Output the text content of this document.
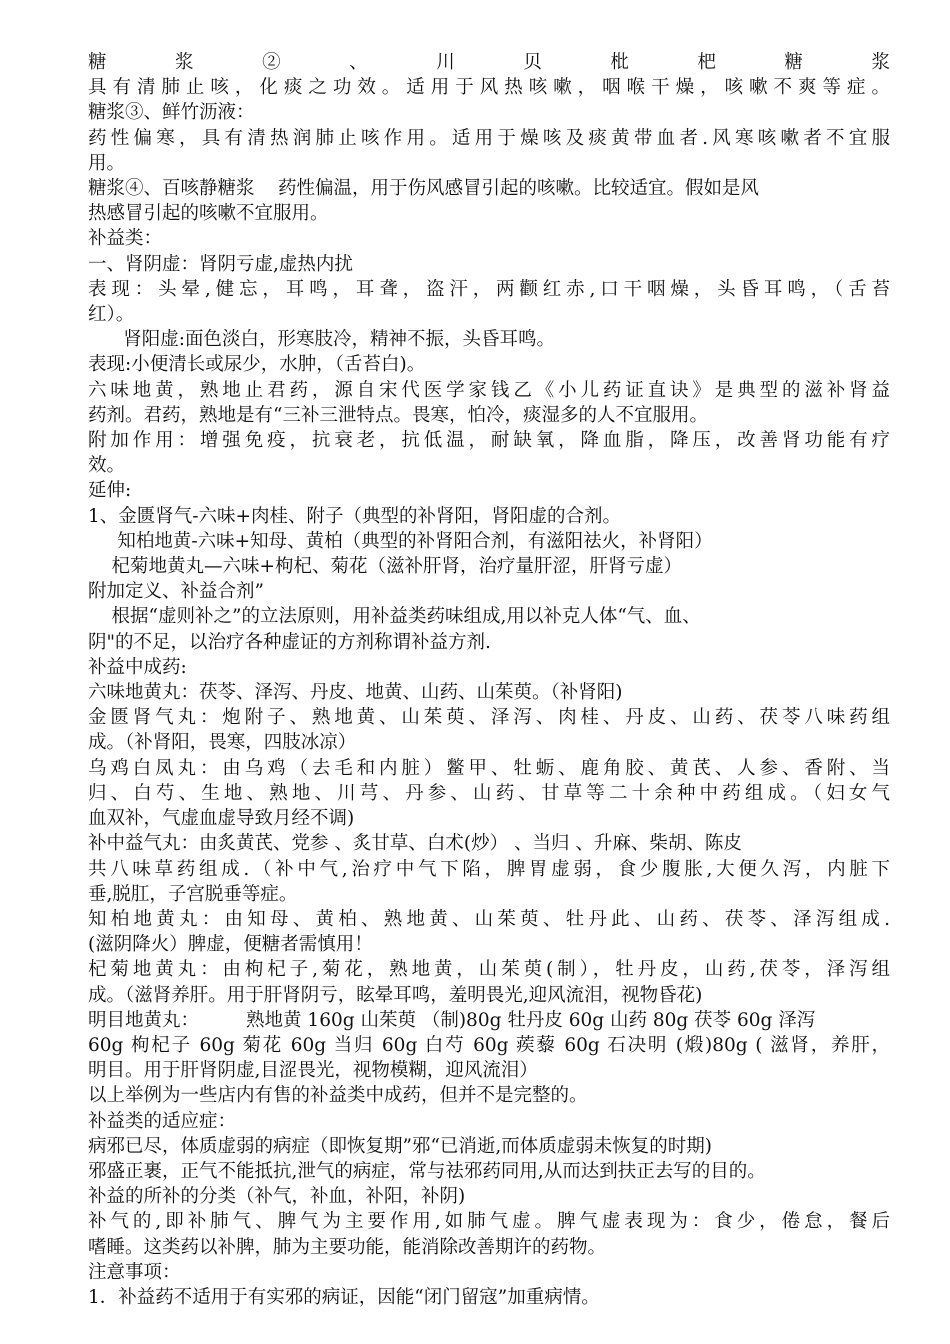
糖浆②、川贝枇杷糖浆
具有清肺止咳，化痰之功效。适用于风热咳嗽，咽喉干燥，咳嗽不爽等症。
糖浆③、鲜竹沥液：
药性偏寒，具有清热润肺止咳作用。适用于燥咳及痰黄带血者.风寒咳嗽者不宜服
用。
糖浆④、百咳静糖浆    药性偏温，用于伤风感冒引起的咳嗽。比较适宜。假如是风
热感冒引起的咳嗽不宜服用。
补益类：
一、肾阴虚：肾阴亏虚,虚热内扰
表现：头晕,健忘，耳鸣，耳聋，盗汗，两颧红赤,口干咽燥，头昏耳鸣，（舌苔
红）。
肾阳虚:面色淡白，形寒肢冷，精神不振，头昏耳鸣。
表现:小便清长或尿少，水肿，（舌苔白)。
六味地黄，熟地止君药，源自宋代医学家钱乙《小儿药证直诀》是典型的滋补肾益
药剂。君药，熟地是有“三补三泄特点。畏寒，怕冷，痰湿多的人不宜服用。
附加作用：增强免疫，抗衰老，抗低温，耐缺氧，降血脂，降压，改善肾功能有疗
效。
延伸:
1、金匮肾气-六味+肉桂、附子（典型的补肾阳，肾阳虚的合剂。
知柏地黄-六味+知母、黄柏（典型的补肾阳合剂，有滋阳祛火，补肾阳）
杞菊地黄丸—六味+枸杞、菊花（滋补肝肾，治疗量肝涩，肝肾亏虚）
附加定义、补益合剂”
根据“虚则补之”的立法原则，用补益类药味组成,用以补克人体“气、血、
阴"的不足，以治疗各种虚证的方剂称谓补益方剂.
补益中成药:
六味地黄丸：茯苓、泽泻、丹皮、地黄、山药、山茱萸。（补肾阳)
金匮肾气丸：炮附子、熟地黄、山茱萸、泽泻、肉桂、丹皮、山药、茯苓八味药组
成。（补肾阳，畏寒，四肢冰凉）
乌鸡白凤丸：由乌鸡（去毛和内脏）鳖甲、牡蛎、鹿角胶、黄芪、人参、香附、当
归、白芍、生地、熟地、川芎、丹参、山药、甘草等二十余种中药组成。（妇女气
血双补，气虚血虚导致月经不调)
补中益气丸：由炙黄芪、党参 、炙甘草、白术(炒） 、当归 、升麻、柴胡、陈皮
共八味草药组成.（补中气,治疗中气下陷，脾胃虚弱，食少腹胀,大便久泻，内脏下
垂,脱肛，子宫脱垂等症。
知柏地黄丸：由知母、黄柏、熟地黄、山茱萸、牡丹此、山药、茯苓、泽泻组成.
(滋阴降火）脾虚，便糖者需慎用！
杞菊地黄丸：由枸杞子,菊花，熟地黄，山茱萸(制），牡丹皮，山药,茯苓，泽泻组
成。（滋肾养肝。用于肝肾阴亏，眩晕耳鸣，羞明畏光,迎风流泪，视物昏花)
明目地黄丸：        熟地黄 160g 山茱萸 （制)80g 牡丹皮 60g 山药 80g 茯苓 60g 泽泻
60g 枸杞子 60g 菊花 60g 当归 60g 白芍 60g 蒺藜 60g 石决明 (煅)80g ( 滋肾，养肝，
明目。用于肝肾阴虚,目涩畏光，视物模糊，迎风流泪）
以上举例为一些店内有售的补益类中成药，但并不是完整的。
补益类的适应症：
病邪已尽，体质虚弱的病症（即恢复期”邪“已消逝,而体质虚弱未恢复的时期)
邪盛正裹，正气不能抵抗,泄气的病症，常与祛邪药同用,从而达到扶正去写的目的。
补益的所补的分类（补气，补血，补阳，补阴)
补气的,即补肺气、脾气为主要作用,如肺气虚。脾气虚表现为：食少，倦怠，餐后
嗜睡。这类药以补脾，肺为主要功能，能消除改善期许的药物。
注意事项：
1．补益药不适用于有实邪的病证，因能“闭门留寇”加重病情。
